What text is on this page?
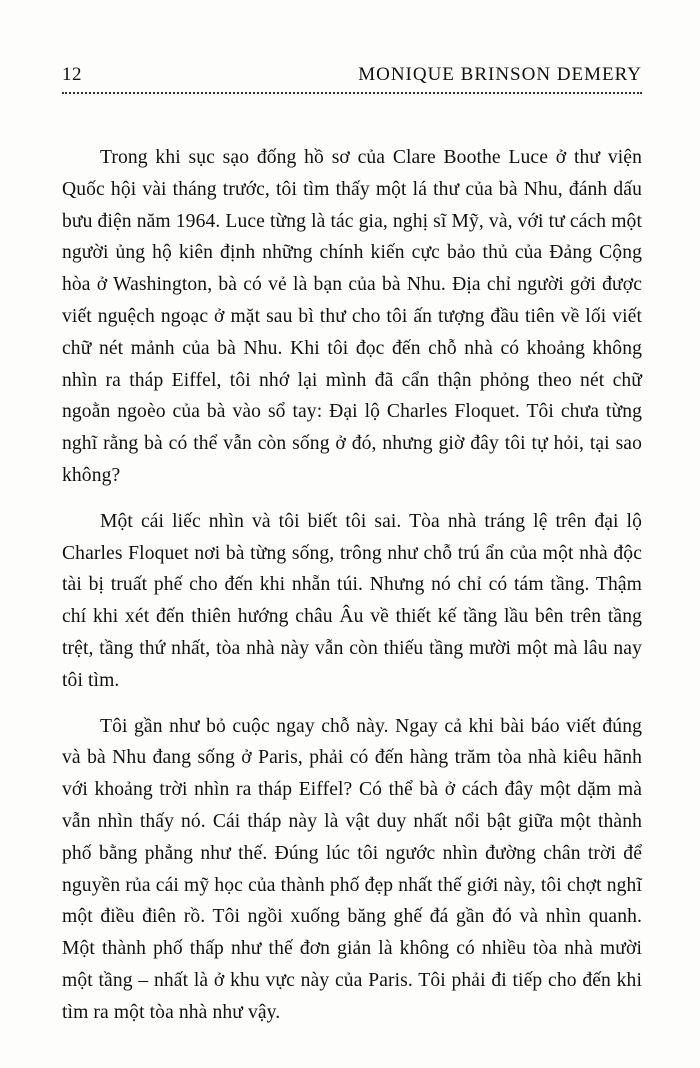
12	MONIQUE BRINSON DEMERY

Trong khi sục sạo đống hồ sơ của Clare Boothe Luce ở thư viện Quốc hội vài tháng trước, tôi tìm thấy một lá thư của bà Nhu, đánh dấu bưu điện năm 1964. Luce từng là tác gia, nghị sĩ Mỹ, và, với tư cách một người ủng hộ kiên định những chính kiến cực bảo thủ của Đảng Cộng hòa ở Washington, bà có vẻ là bạn của bà Nhu. Địa chỉ người gởi được viết nguệch ngoạc ở mặt sau bì thư cho tôi ấn tượng đầu tiên về lối viết chữ nét mảnh của bà Nhu. Khi tôi đọc đến chỗ nhà có khoảng không nhìn ra tháp Eiffel, tôi nhớ lại mình đã cẩn thận phỏng theo nét chữ ngoằn ngoèo của bà vào sổ tay: Đại lộ Charles Floquet. Tôi chưa từng nghĩ rằng bà có thể vẫn còn sống ở đó, nhưng giờ đây tôi tự hỏi, tại sao không?

Một cái liếc nhìn và tôi biết tôi sai. Tòa nhà tráng lệ trên đại lộ Charles Floquet nơi bà từng sống, trông như chỗ trú ẩn của một nhà độc tài bị truất phế cho đến khi nhẵn túi. Nhưng nó chỉ có tám tầng. Thậm chí khi xét đến thiên hướng châu Âu về thiết kế tầng lầu bên trên tầng trệt, tầng thứ nhất, tòa nhà này vẫn còn thiếu tầng mười một mà lâu nay tôi tìm.

Tôi gần như bỏ cuộc ngay chỗ này. Ngay cả khi bài báo viết đúng và bà Nhu đang sống ở Paris, phải có đến hàng trăm tòa nhà kiêu hãnh với khoảng trời nhìn ra tháp Eiffel? Có thể bà ở cách đây một dặm mà vẫn nhìn thấy nó. Cái tháp này là vật duy nhất nổi bật giữa một thành phố bằng phẳng như thế. Đúng lúc tôi ngước nhìn đường chân trời để nguyền rủa cái mỹ học của thành phố đẹp nhất thế giới này, tôi chợt nghĩ một điều điên rồ. Tôi ngồi xuống băng ghế đá gần đó và nhìn quanh. Một thành phố thấp như thế đơn giản là không có nhiều tòa nhà mười một tầng – nhất là ở khu vực này của Paris. Tôi phải đi tiếp cho đến khi tìm ra một tòa nhà như vậy.
